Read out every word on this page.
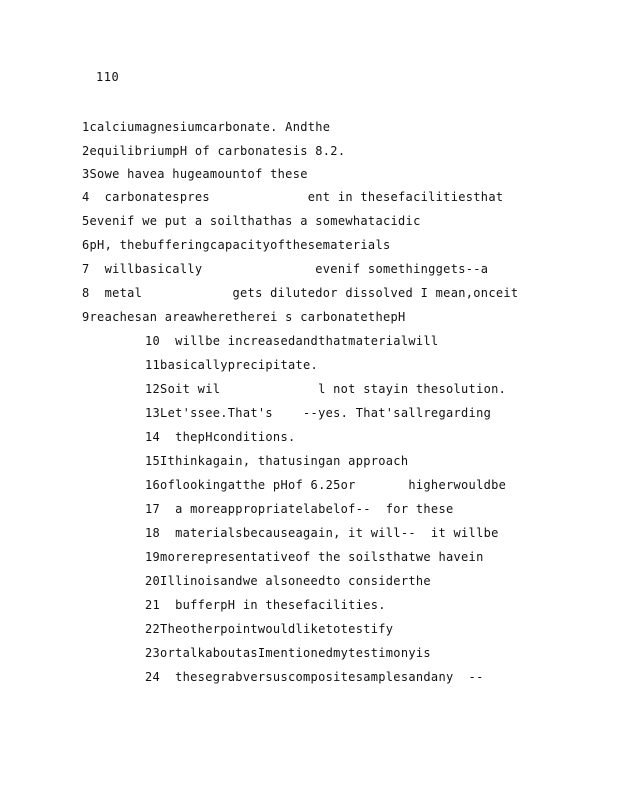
110
1calciumagnesiumcarbonate. Andthe
2equilibriumpH of carbonatesis 8.2.
3Sowe havea hugeamountof these
4  carbonatespres             ent in thesefacilitiesthat
5evenif we put a soilthathas a somewhatacidic
6pH, thebufferingcapacityofthesematerials
7  willbasically               evenif somethinggets--a
8  metal            gets dilutedor dissolved I mean,onceit
9reachesan areawheretherei s carbonatethepH
10  willbe increasedandthatmaterialwill
11basicallyprecipitate.
12Soit wil             l not stayin thesolution.
13Let'ssee.That's    --yes. That'sallregarding
14  thepHconditions.
15Ithinkagain, thatusingan approach
16oflookingatthe pHof 6.25or       higherwouldbe
17  a moreappropriatelabelof--  for these
18  materialsbecauseagain, it will--  it willbe
19morerepresentativeof the soilsthatwe havein
20Illinoisandwe alsoneedto considerthe
21  bufferpH in thesefacilities.
22Theotherpointwouldliketotestify
23ortalkaboutasImentionedmytestimonyis
24  thesegrabversuscompositesamplesandany  --
